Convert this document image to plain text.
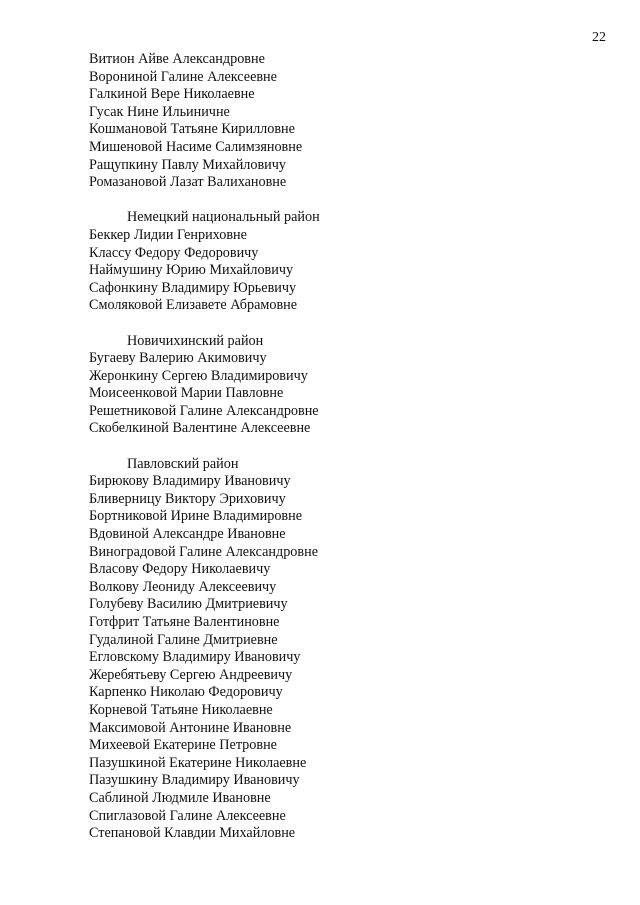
22
Витион Айве Александровне
Ворониной Галине Алексеевне
Галкиной Вере Николаевне
Гусак Нине Ильиничне
Кошмановой Татьяне Кирилловне
Мишеновой Насиме Салимзяновне
Ращупкину Павлу Михайловичу
Ромазановой Лазат Валихановне
Немецкий национальный район
Беккер Лидии Генриховне
Классу Федору Федоровичу
Наймушину Юрию Михайловичу
Сафонкину Владимиру Юрьевичу
Смоляковой Елизавете Абрамовне
Новичихинский район
Бугаеву Валерию Акимовичу
Жеронкину Сергею Владимировичу
Моисеенковой Марии Павловне
Решетниковой Галине Александровне
Скобелкиной Валентине Алексеевне
Павловский район
Бирюкову Владимиру Ивановичу
Бливерницу Виктору Эриховичу
Бортниковой Ирине Владимировне
Вдовиной Александре Ивановне
Виноградовой Галине Александровне
Власову Федору Николаевичу
Волкову Леониду Алексеевичу
Голубеву Василию Дмитриевичу
Готфрит Татьяне Валентиновне
Гудалиной Галине Дмитриевне
Егловскому Владимиру Ивановичу
Жеребятьеву Сергею Андреевичу
Карпенко Николаю Федоровичу
Корневой Татьяне Николаевне
Максимовой Антонине Ивановне
Михеевой Екатерине Петровне
Пазушкиной Екатерине Николаевне
Пазушкину Владимиру Ивановичу
Саблиной Людмиле Ивановне
Спиглазовой Галине Алексеевне
Степановой Клавдии Михайловне
